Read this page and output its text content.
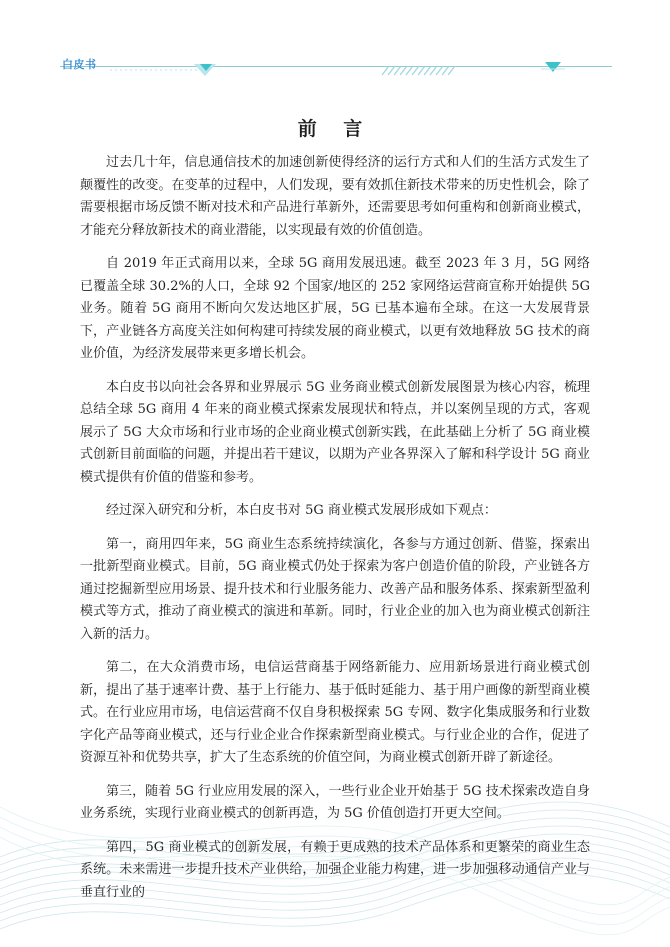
白皮书
前 言

过去几十年，信息通信技术的加速创新使得经济的运行方式和人们的生活方式发生了颠覆性的改变。在变革的过程中，人们发现，要有效抓住新技术带来的历史性机会，除了需要根据市场反馈不断对技术和产品进行革新外，还需要思考如何重构和创新商业模式，才能充分释放新技术的商业潜能，以实现最有效的价值创造。

自 2019 年正式商用以来，全球 5G 商用发展迅速。截至 2023 年 3 月，5G 网络已覆盖全球 30.2%的人口，全球 92 个国家/地区的 252 家网络运营商宣称开始提供 5G 业务。随着 5G 商用不断向欠发达地区扩展，5G 已基本遍布全球。在这一大发展背景下，产业链各方高度关注如何构建可持续发展的商业模式，以更有效地释放 5G 技术的商业价值，为经济发展带来更多增长机会。

本白皮书以向社会各界和业界展示 5G 业务商业模式创新发展图景为核心内容，梳理总结全球 5G 商用 4 年来的商业模式探索发展现状和特点，并以案例呈现的方式，客观展示了 5G 大众市场和行业市场的企业商业模式创新实践，在此基础上分析了 5G 商业模式创新目前面临的问题，并提出若干建议，以期为产业各界深入了解和科学设计 5G 商业模式提供有价值的借鉴和参考。

经过深入研究和分析，本白皮书对 5G 商业模式发展形成如下观点：

第一，商用四年来，5G 商业生态系统持续演化，各参与方通过创新、借鉴，探索出一批新型商业模式。目前，5G 商业模式仍处于探索为客户创造价值的阶段，产业链各方通过挖掘新型应用场景、提升技术和行业服务能力、改善产品和服务体系、探索新型盈利模式等方式，推动了商业模式的演进和革新。同时，行业企业的加入也为商业模式创新注入新的活力。

第二，在大众消费市场，电信运营商基于网络新能力、应用新场景进行商业模式创新，提出了基于速率计费、基于上行能力、基于低时延能力、基于用户画像的新型商业模式。在行业应用市场，电信运营商不仅自身积极探索 5G 专网、数字化集成服务和行业数字化产品等商业模式，还与行业企业合作探索新型商业模式。与行业企业的合作，促进了资源互补和优势共享，扩大了生态系统的价值空间，为商业模式创新开辟了新途径。

第三，随着 5G 行业应用发展的深入，一些行业企业开始基于 5G 技术探索改造自身业务系统，实现行业商业模式的创新再造，为 5G 价值创造打开更大空间。

第四，5G 商业模式的创新发展，有赖于更成熟的技术产品体系和更繁荣的商业生态系统。未来需进一步提升技术产业供给，加强企业能力构建，进一步加强移动通信产业与垂直行业的
